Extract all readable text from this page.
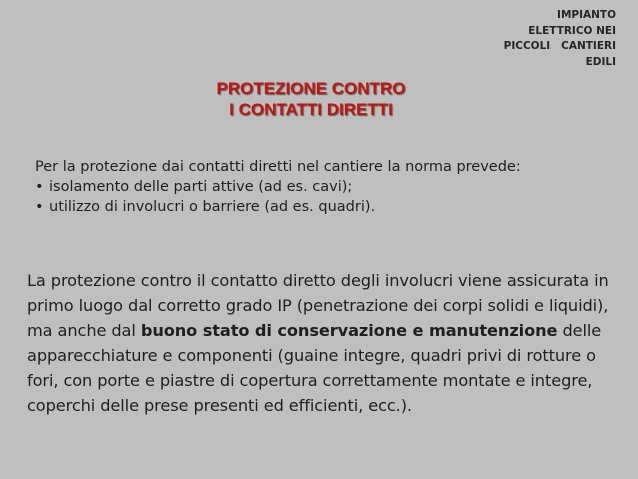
IMPIANTO
ELETTRICO NEI
PICCOLI   CANTIERI
EDILI
PROTEZIONE CONTRO
I CONTATTI DIRETTI
Per la protezione dai contatti diretti nel cantiere la norma prevede:
• isolamento delle parti attive (ad es. cavi);
• utilizzo di involucri o barriere (ad es. quadri).
La protezione contro il contatto diretto degli involucri viene assicurata in primo luogo dal corretto grado IP (penetrazione dei corpi solidi e liquidi), ma anche dal buono stato di conservazione e manutenzione delle apparecchiature e componenti (guaine integre, quadri privi di rotture o fori, con porte e piastre di copertura correttamente montate e integre, coperchi delle prese presenti ed efficienti, ecc.).
